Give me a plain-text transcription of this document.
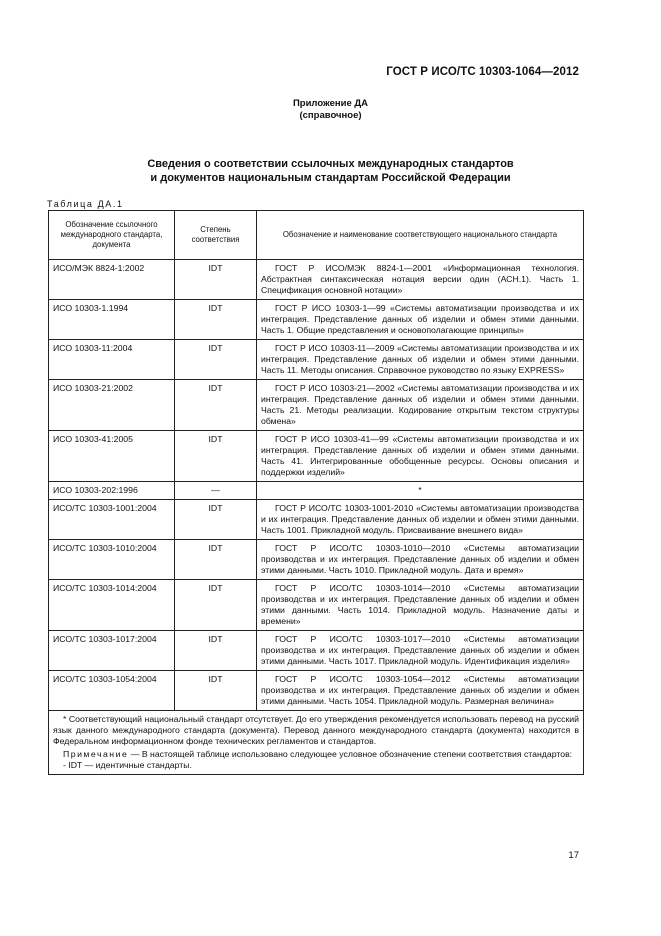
ГОСТ Р ИСО/ТС 10303-1064—2012
Приложение ДА
(справочное)
Сведения о соответствии ссылочных международных стандартов
и документов национальным стандартам Российской Федерации
Таблица ДА.1
Обозначение ссылочного международного стандарта, документа	Степень соответствия	Обозначение и наименование соответствующего национального стандарта
ИСО/МЭК 8824-1:2002	IDT	ГОСТ Р ИСО/МЭК 8824-1—2001 «Информационная технология. Абстрактная синтаксическая нотация версии один (АСН.1). Часть 1. Спецификация основной нотации»
ИСО 10303-1.1994	IDT	ГОСТ Р ИСО 10303-1—99 «Системы автоматизации производства и их интеграция. Представление данных об изделии и обмен этими данными. Часть 1. Общие представления и основополагающие принципы»
ИСО 10303-11:2004	IDT	ГОСТ Р ИСО 10303-11—2009 «Системы автоматизации производства и их интеграция. Представление данных об изделии и обмен этими данными. Часть 11. Методы описания. Справочное руководство по языку EXPRESS»
ИСО 10303-21:2002	IDT	ГОСТ Р ИСО 10303-21—2002 «Системы автоматизации производства и их интеграция. Представление данных об изделии и обмен этими данными. Часть 21. Методы реализации. Кодирование открытым текстом структуры обмена»
ИСО 10303-41:2005	IDT	ГОСТ Р ИСО 10303-41—99 «Системы автоматизации производства и их интеграция. Представление данных об изделии и обмен этими данными. Часть 41. Интегрированные обобщенные ресурсы. Основы описания и поддержки изделий»
ИСО 10303-202:1996	—	*
ИСО/ТС 10303-1001:2004	IDT	ГОСТ Р ИСО/ТС 10303-1001-2010 «Системы автоматизации производства и их интеграция. Представление данных об изделии и обмен этими данными. Часть 1001. Прикладной модуль. Присваивание внешнего вида»
ИСО/ТС 10303-1010:2004	IDT	ГОСТ Р ИСО/ТС 10303-1010—2010 «Системы автоматизации производства и их интеграция. Представление данных об изделии и обмен этими данными. Часть 1010. Прикладной модуль. Дата и время»
ИСО/ТС 10303-1014:2004	IDT	ГОСТ Р ИСО/ТС 10303-1014—2010 «Системы автоматизации производства и их интеграция. Представление данных об изделии и обмен этими данными. Часть 1014. Прикладной модуль. Назначение даты и времени»
ИСО/ТС 10303-1017:2004	IDT	ГОСТ Р ИСО/ТС 10303-1017—2010 «Системы автоматизации производства и их интеграция. Представление данных об изделии и обмен этими данными. Часть 1017. Прикладной модуль. Идентификация изделия»
ИСО/ТС 10303-1054:2004	IDT	ГОСТ Р ИСО/ТС 10303-1054—2012 «Системы автоматизации производства и их интеграция. Представление данных об изделии и обмен этими данными. Часть 1054. Прикладной модуль. Размерная величина»

* Соответствующий национальный стандарт отсутствует. До его утверждения рекомендуется использовать перевод на русский язык данного международного стандарта (документа). Перевод данного международного стандарта (документа) находится в Федеральном информационном фонде технических регламентов и стандартов.
Примечание — В настоящей таблице использовано следующее условное обозначение степени соответствия стандартов:
- IDT — идентичные стандарты.		
17
